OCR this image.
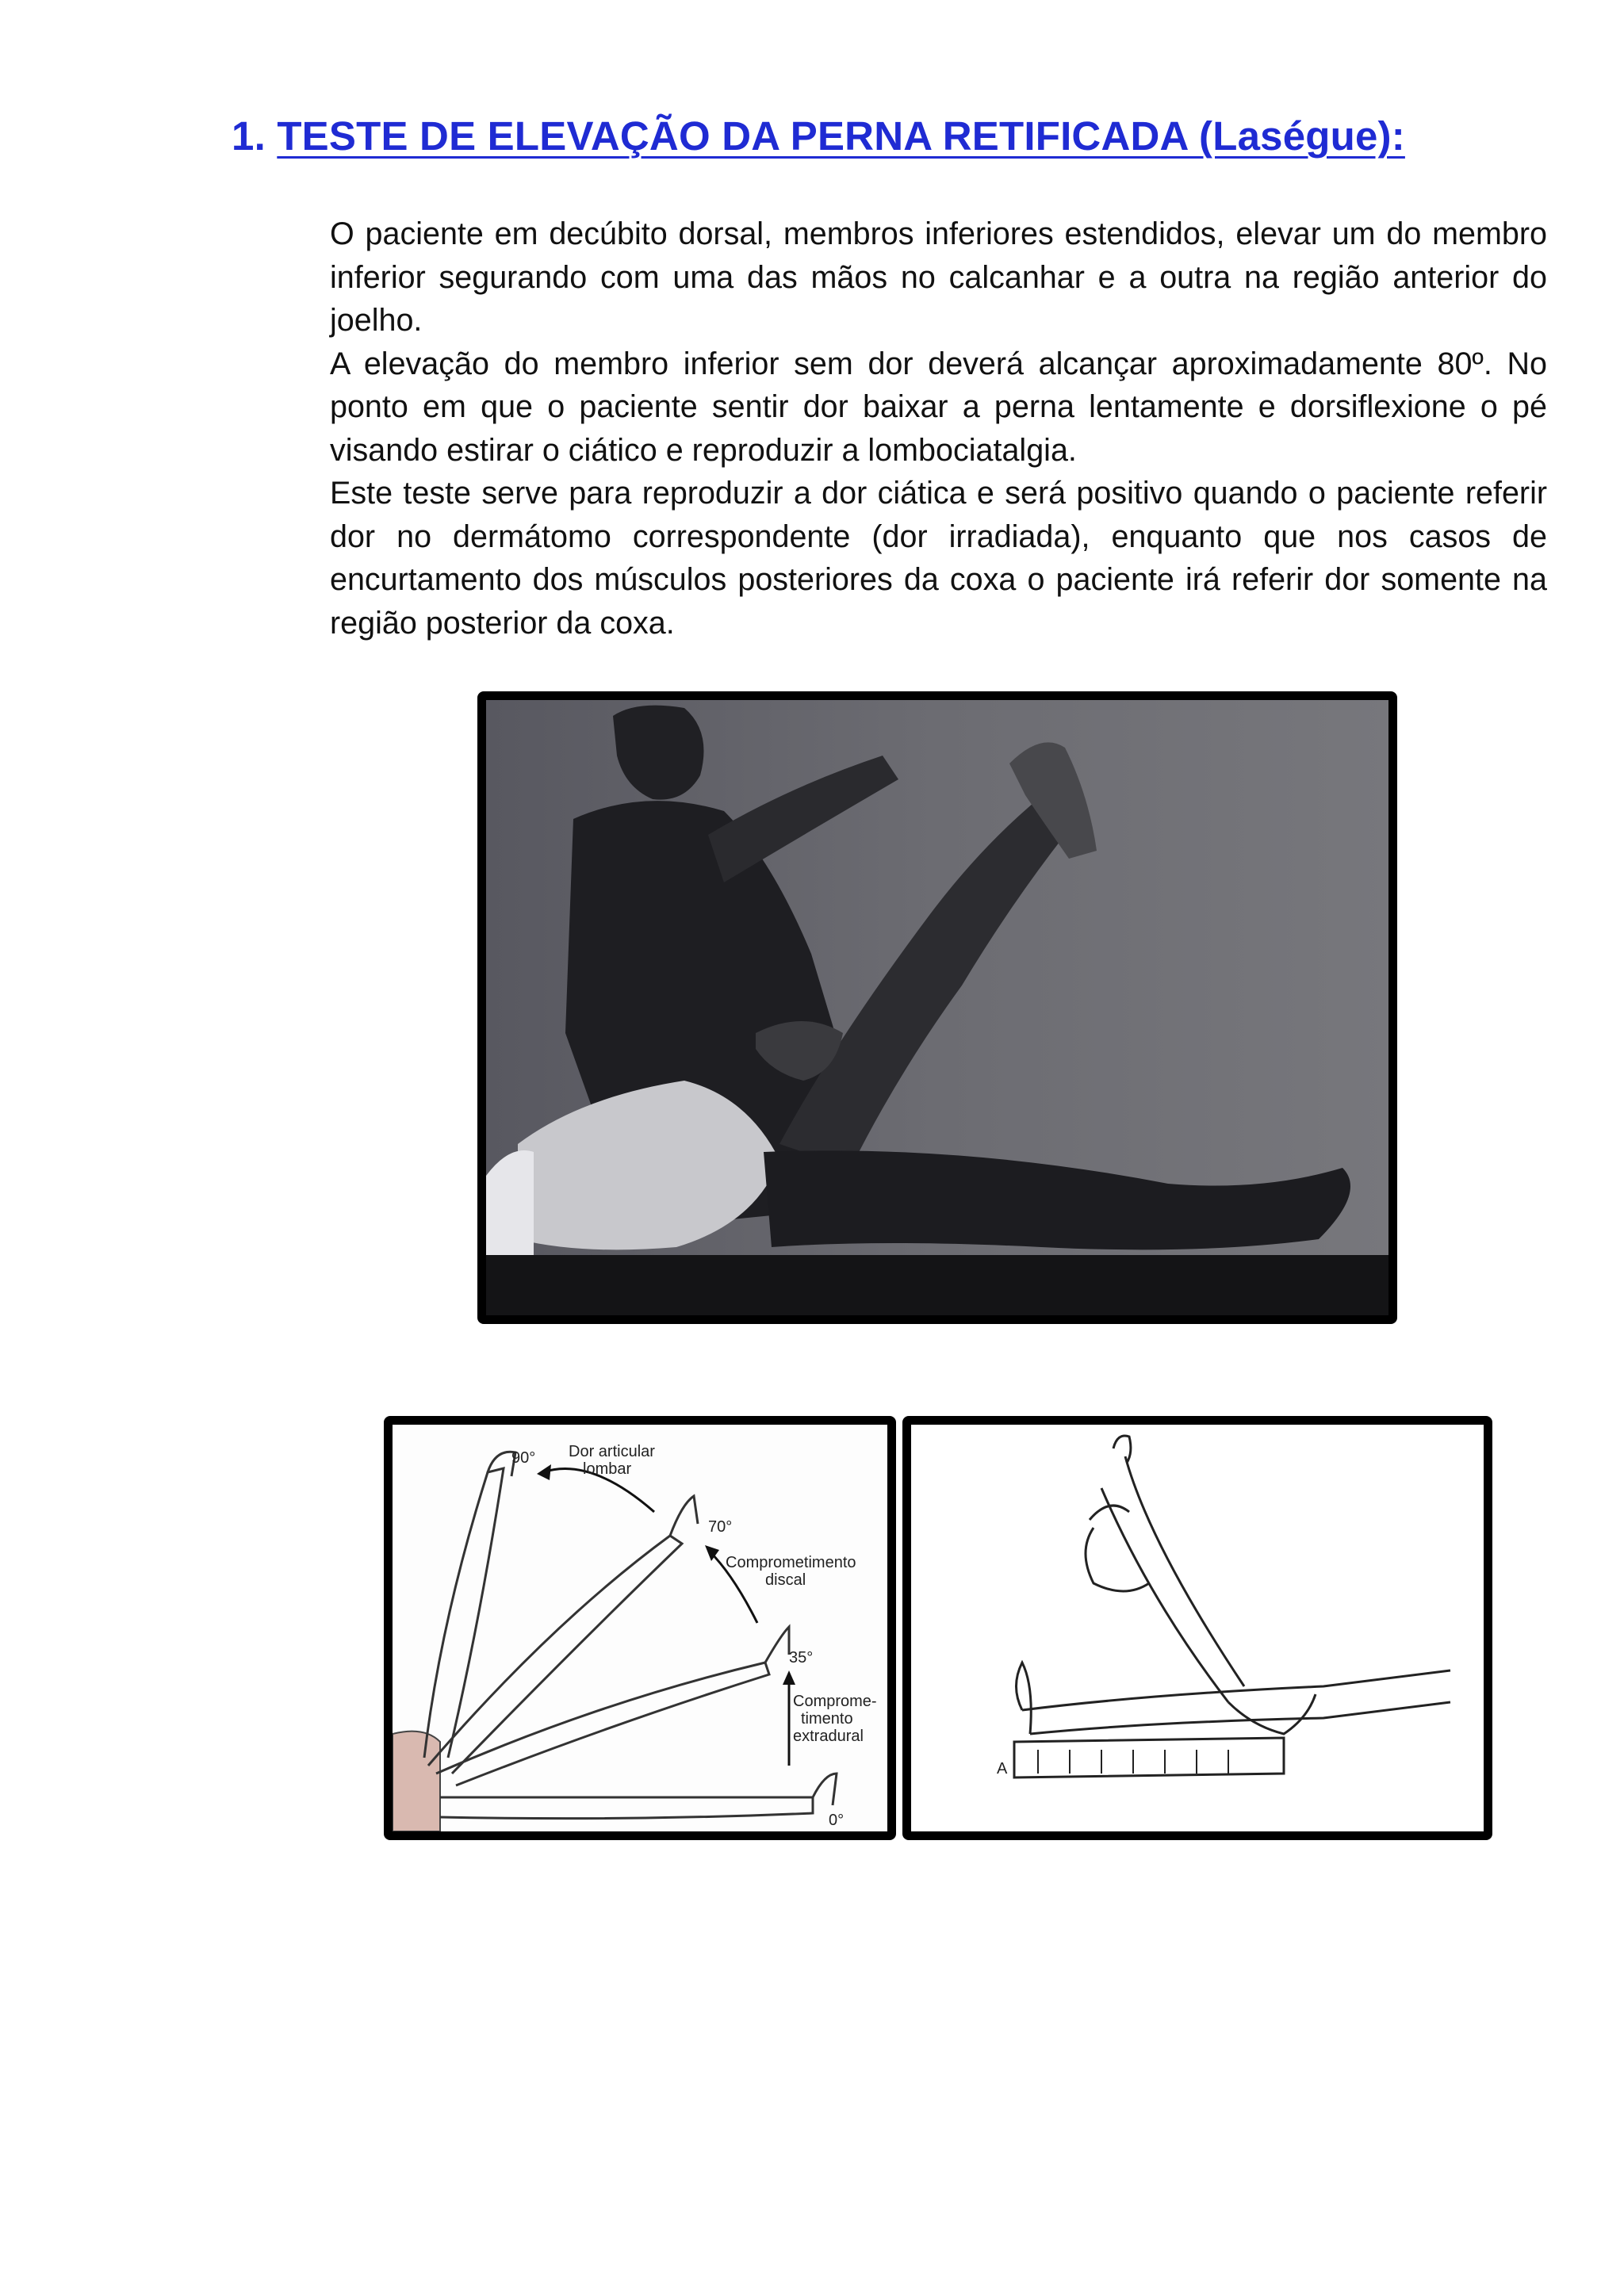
1. TESTE DE ELEVAÇÃO DA PERNA RETIFICADA (Laségue):

O paciente em decúbito dorsal, membros inferiores estendidos, elevar um do membro inferior segurando com uma das mãos no calcanhar e a outra na região anterior do joelho.

A elevação do membro inferior sem dor deverá alcançar aproximadamente 80º. No ponto em que o paciente sentir dor baixar a perna lentamente e dorsiflexione o pé visando estirar o ciático e reproduzir a lombociatalgia.

Este teste serve para reproduzir a dor ciática e será positivo quando o paciente referir dor no dermátomo correspondente (dor irradiada), enquanto que nos casos de encurtamento dos músculos posteriores da coxa o paciente irá referir dor somente na região posterior da coxa.

90° Dor articular
lombar
70°
Comprometimento
discal
35°
Comprome-
timento
extradural
0°
A
